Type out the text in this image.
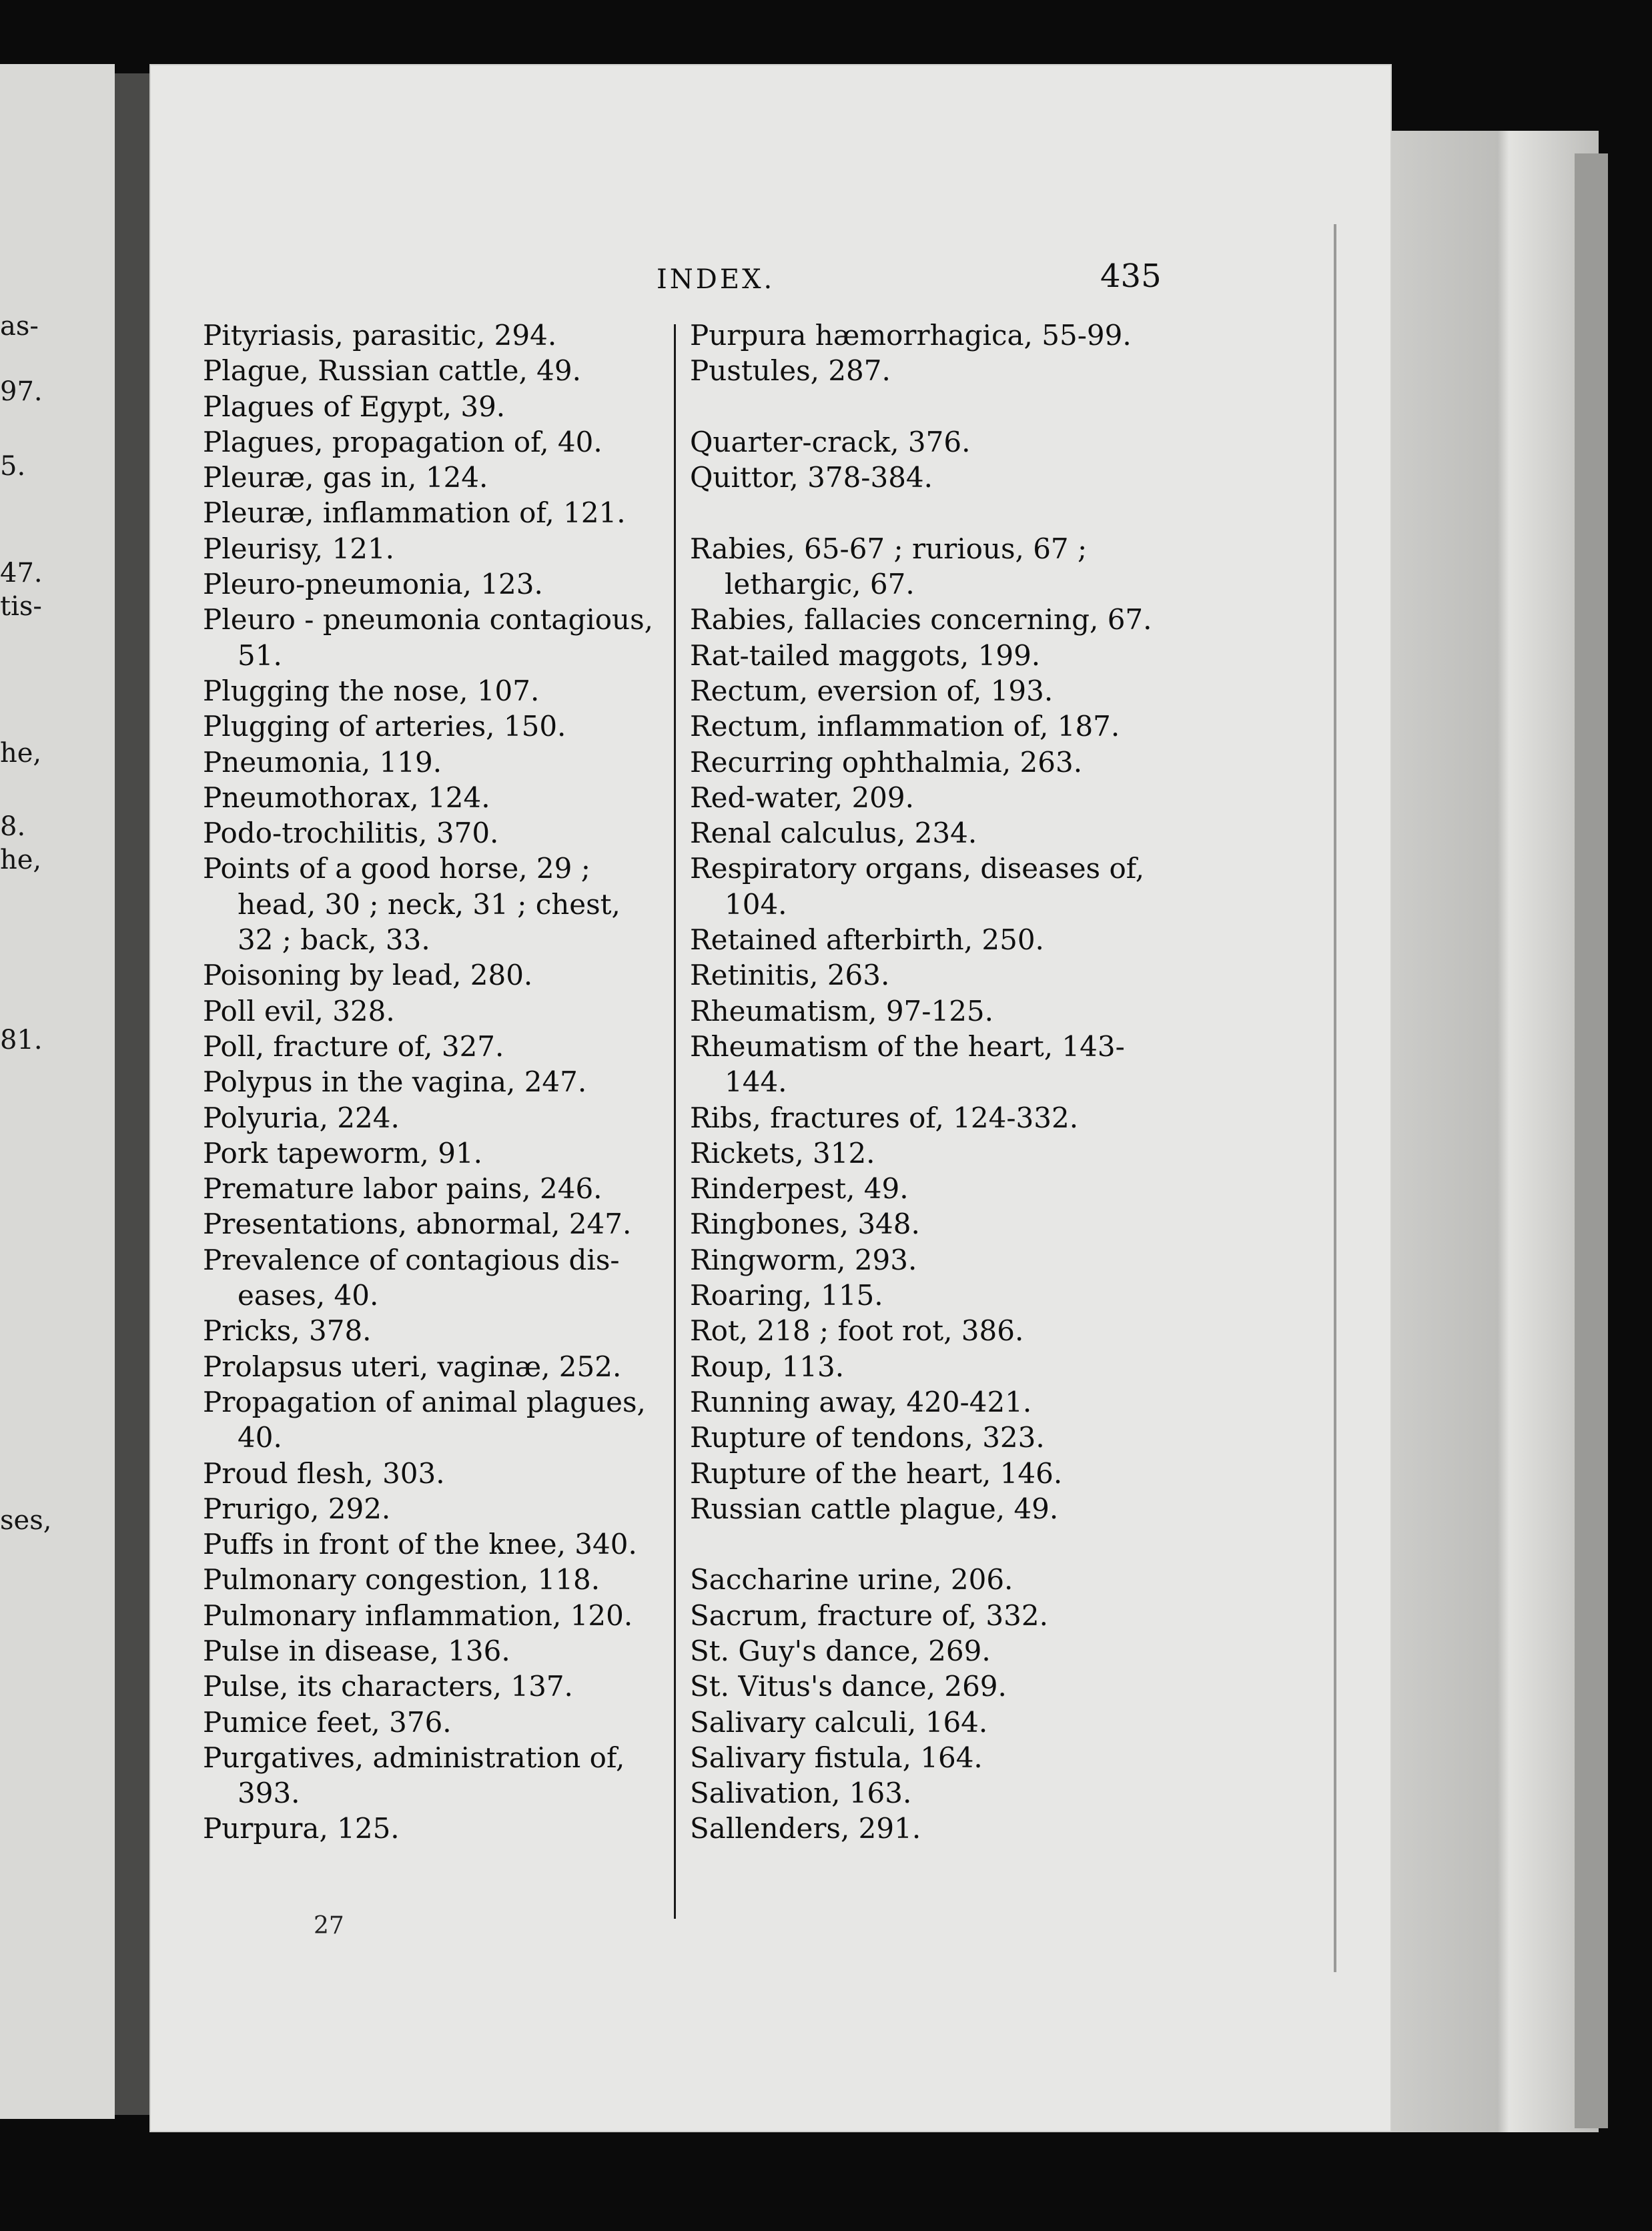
as-
97.
5.
47.
tis-
he,
8.
he,
81.
ses,
INDEX.	435

Pityriasis, parasitic, 294.

Plague, Russian cattle, 49.

Plagues of Egypt, 39.

Plagues, propagation of, 40.

Pleuræ, gas in, 124.

Pleuræ, inflammation of, 121.

Pleurisy, 121.

Pleuro-pneumonia, 123.

Pleuro - pneumonia contagious,
51.

Plugging the nose, 107.

Plugging of arteries, 150.

Pneumonia, 119.

Pneumothorax, 124.

Podo-trochilitis, 370.

Points of a good horse, 29 ;
head, 30 ; neck, 31 ; chest,
32 ; back, 33.

Poisoning by lead, 280.

Poll evil, 328.

Poll, fracture of, 327.

Polypus in the vagina, 247.

Polyuria, 224.

Pork tapeworm, 91.

Premature labor pains, 246.

Presentations, abnormal, 247.

Prevalence of contagious dis-
eases, 40.

Pricks, 378.

Prolapsus uteri, vaginæ, 252.

Propagation of animal plagues,
40.

Proud flesh, 303.

Prurigo, 292.

Puffs in front of the knee, 340.

Pulmonary congestion, 118.

Pulmonary inflammation, 120.

Pulse in disease, 136.

Pulse, its characters, 137.

Pumice feet, 376.

Purgatives, administration of,
393.

Purpura, 125.

Purpura hæmorrhagica, 55-99.

Pustules, 287.

Quarter-crack, 376.

Quittor, 378-384.

Rabies, 65-67 ; rurious, 67 ;
lethargic, 67.

Rabies, fallacies concerning, 67.

Rat-tailed maggots, 199.

Rectum, eversion of, 193.

Rectum, inflammation of, 187.

Recurring ophthalmia, 263.

Red-water, 209.

Renal calculus, 234.

Respiratory organs, diseases of,
104.

Retained afterbirth, 250.

Retinitis, 263.

Rheumatism, 97-125.

Rheumatism of the heart, 143-
144.

Ribs, fractures of, 124-332.

Rickets, 312.

Rinderpest, 49.

Ringbones, 348.

Ringworm, 293.

Roaring, 115.

Rot, 218 ; foot rot, 386.

Roup, 113.

Running away, 420-421.

Rupture of tendons, 323.

Rupture of the heart, 146.

Russian cattle plague, 49.

Saccharine urine, 206.

Sacrum, fracture of, 332.

St. Guy's dance, 269.

St. Vitus's dance, 269.

Salivary calculi, 164.

Salivary fistula, 164.

Salivation, 163.

Sallenders, 291.

27
